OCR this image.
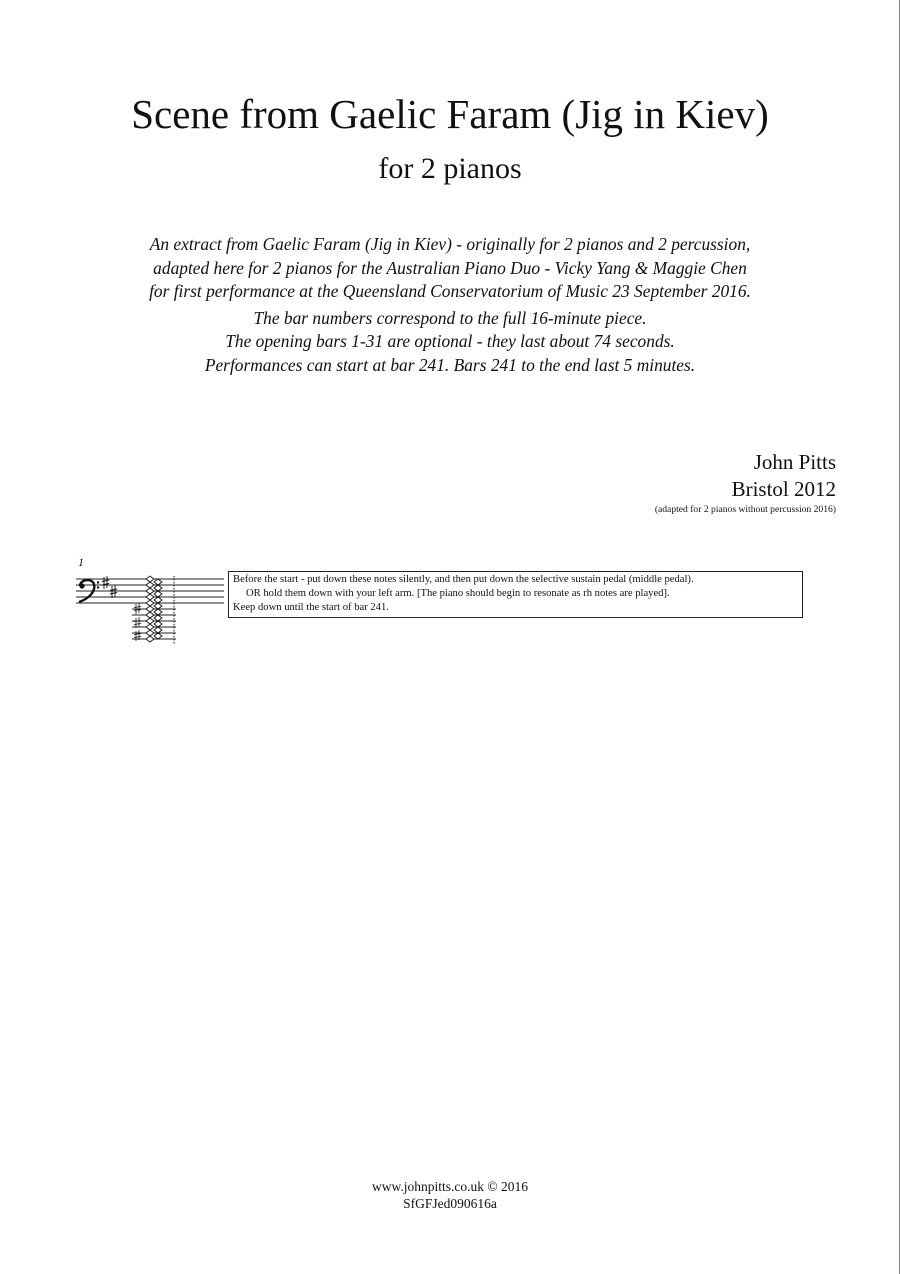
Scene from Gaelic Faram (Jig in Kiev)
for 2 pianos
An extract from Gaelic Faram (Jig in Kiev) - originally for 2 pianos and 2 percussion,
adapted here for 2 pianos for the Australian Piano Duo - Vicky Yang & Maggie Chen
for first performance at the Queensland Conservatorium of Music 23 September 2016.
The bar numbers correspond to the full 16-minute piece.
The opening bars 1-31 are optional - they last about 74 seconds.
Performances can start at bar 241. Bars 241 to the end last 5 minutes.
John Pitts
Bristol 2012
(adapted for 2 pianos without percussion 2016)
1
Before the start - put down these notes silently, and then put down the selective sustain pedal (middle pedal).
OR hold them down with your left arm. [The piano should begin to resonate as rh notes are played].
Keep down until the start of bar 241.
www.johnpitts.co.uk © 2016
SfGFJed090616a
